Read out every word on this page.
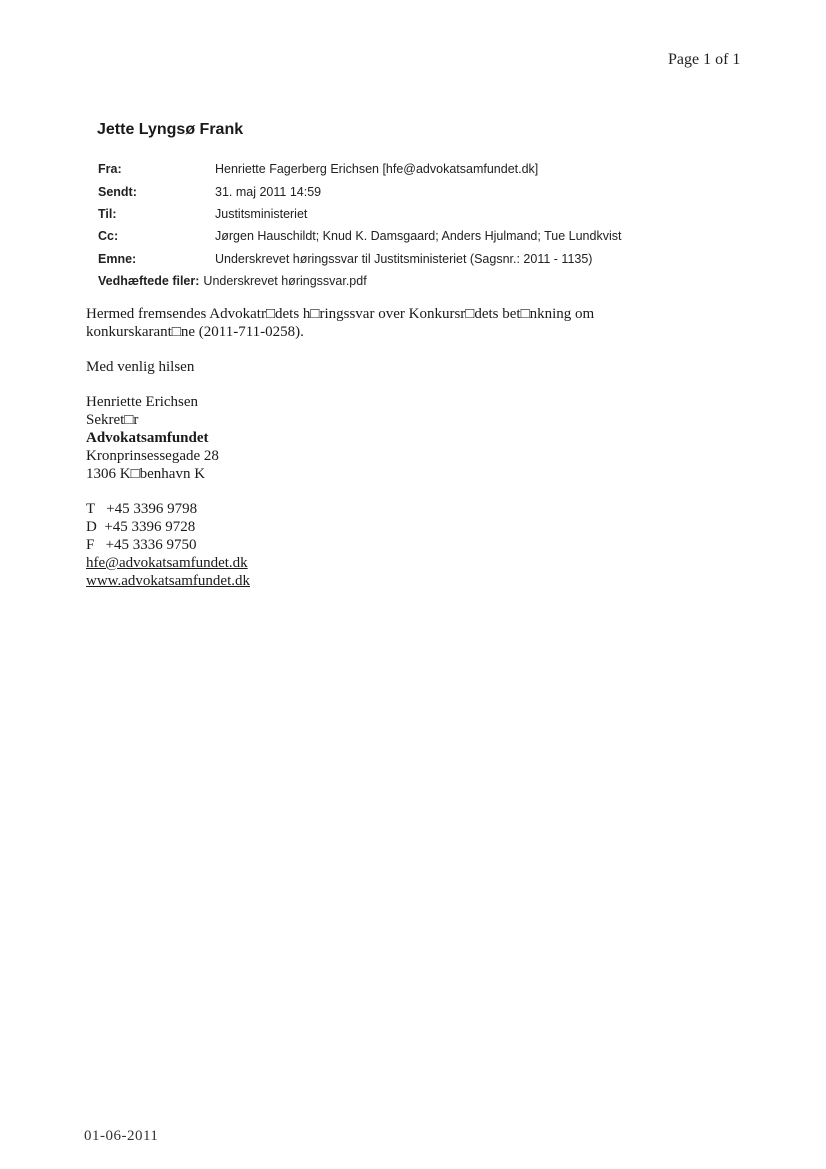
Page 1 of 1
Jette Lyngsø Frank
Fra:	Henriette Fagerberg Erichsen [hfe@advokatsamfundet.dk]
Sendt:	31. maj 2011 14:59
Til:	Justitsministeriet
Cc:	Jørgen Hauschildt; Knud K. Damsgaard; Anders Hjulmand; Tue Lundkvist
Emne:	Underskrevet høringssvar til Justitsministeriet (Sagsnr.: 2011 - 1135)
Vedhæftede filer: Underskrevet høringssvar.pdf

Hermed fremsendes Advokatr□dets h□ringssvar over Konkursr□dets bet□nkning om

konkurskarant□ne (2011-711-0258).

Med venlig hilsen

Henriette Erichsen

Sekret□r

Advokatsamfundet

Kronprinsessegade 28

1306 K□benhavn K

T   +45 3396 9798

D  +45 3396 9728

F   +45 3336 9750

hfe@advokatsamfundet.dk

www.advokatsamfundet.dk

01-06-2011
